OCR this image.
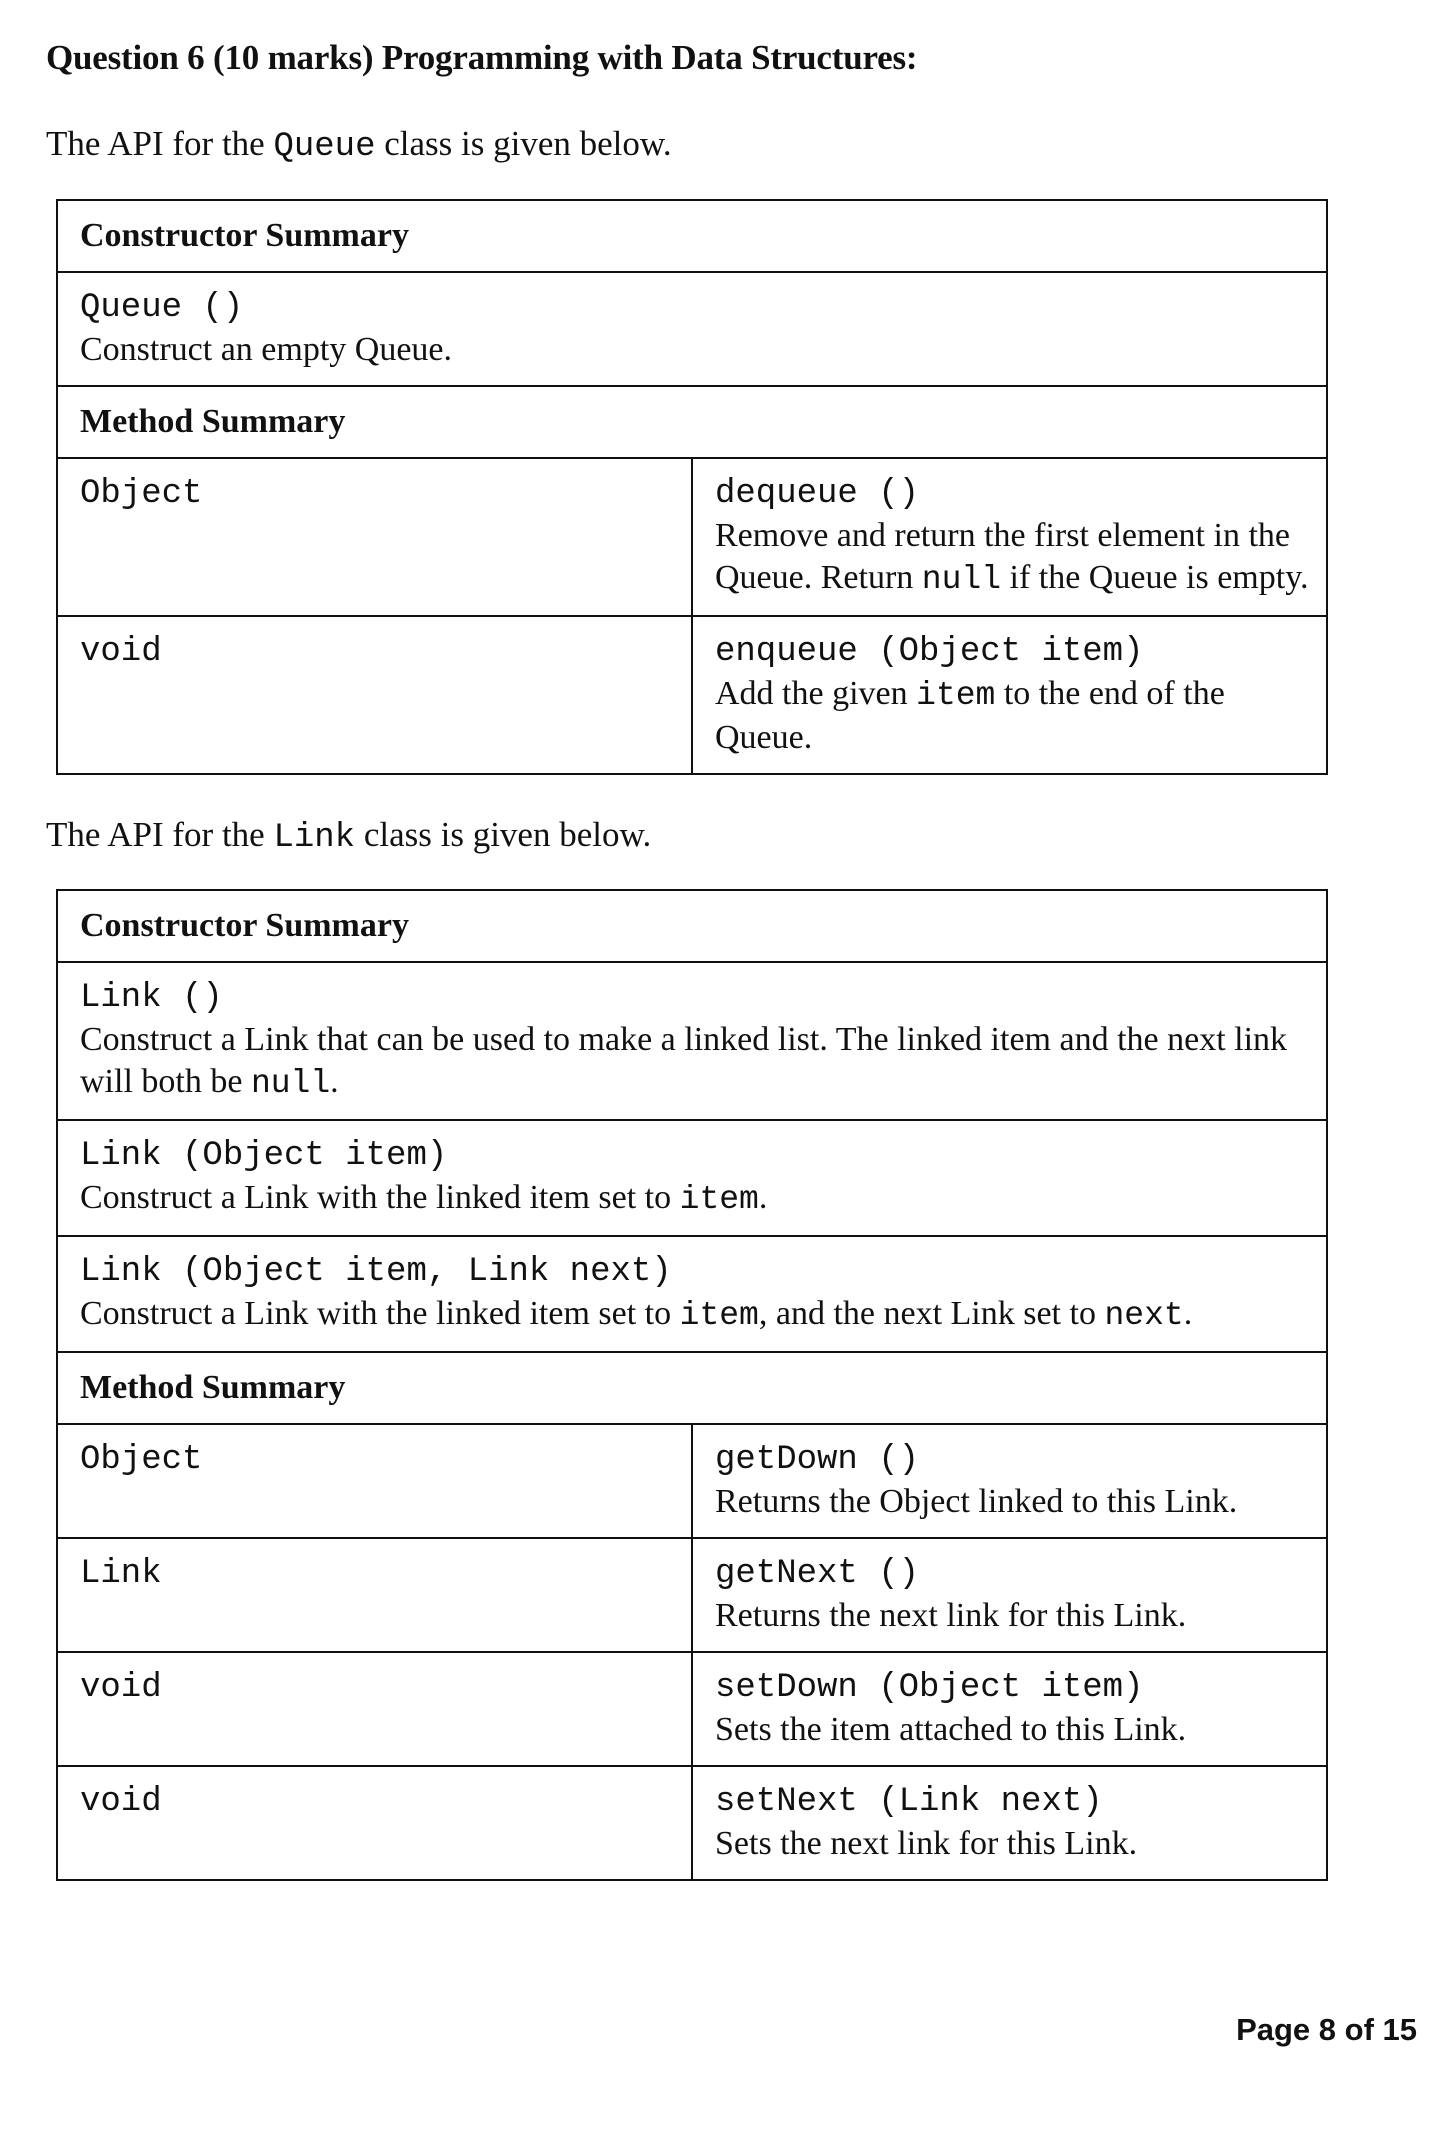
Question 6 (10 marks) Programming with Data Structures:
The API for the Queue class is given below.
Constructor Summary	

Queue ()
Construct an empty Queue.	

Method Summary	
Object	dequeue ()
Remove and return the first element in the Queue. Return null if the Queue is empty.

void	enqueue (Object item)
Add the given item to the end of the Queue.
The API for the Link class is given below.
Constructor Summary	

Link ()
Construct a Link that can be used to make a linked list. The linked item and the next link will both be null.	

Link (Object item)
Construct a Link with the linked item set to item.	

Link (Object item, Link next)
Construct a Link with the linked item set to item, and the next Link set to next.	

Method Summary	
Object	getDown ()
Returns the Object linked to this Link.

Link	getNext ()
Returns the next link for this Link.

void	setDown (Object item)
Sets the item attached to this Link.

void	setNext (Link next)
Sets the next link for this Link.
Page 8 of 15
